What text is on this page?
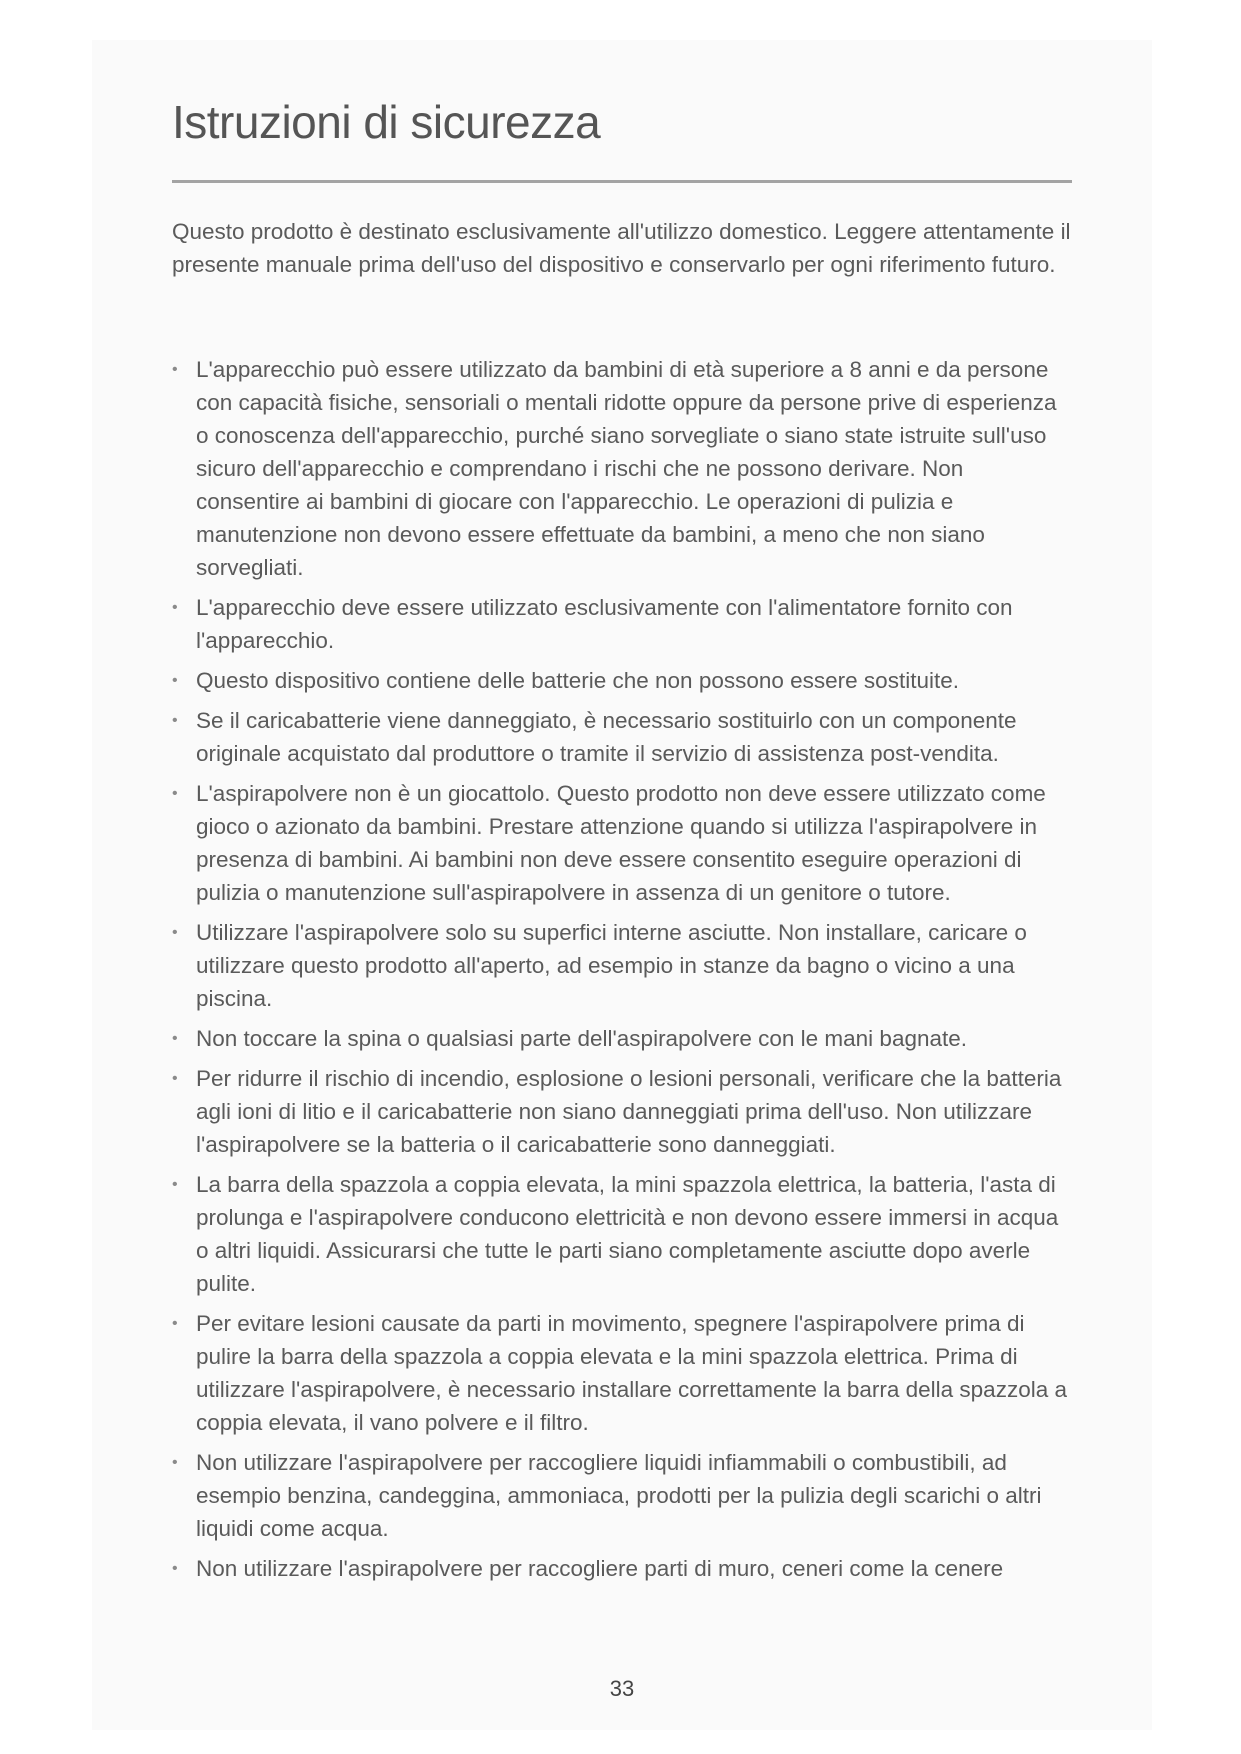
Istruzioni di sicurezza

Questo prodotto è destinato esclusivamente all'utilizzo domestico. Leggere attentamente il presente manuale prima dell'uso del dispositivo e conservarlo per ogni riferimento futuro.

• L'apparecchio può essere utilizzato da bambini di età superiore a 8 anni e da persone con capacità fisiche, sensoriali o mentali ridotte oppure da persone prive di esperienza o conoscenza dell'apparecchio, purché siano sorvegliate o siano state istruite sull'uso sicuro dell'apparecchio e comprendano i rischi che ne possono derivare. Non consentire ai bambini di giocare con l'apparecchio. Le operazioni di pulizia e manutenzione non devono essere effettuate da bambini, a meno che non siano sorvegliati.
• L'apparecchio deve essere utilizzato esclusivamente con l'alimentatore fornito con l'apparecchio.
• Questo dispositivo contiene delle batterie che non possono essere sostituite.
• Se il caricabatterie viene danneggiato, è necessario sostituirlo con un componente originale acquistato dal produttore o tramite il servizio di assistenza post-vendita.
• L'aspirapolvere non è un giocattolo. Questo prodotto non deve essere utilizzato come gioco o azionato da bambini. Prestare attenzione quando si utilizza l'aspirapolvere in presenza di bambini. Ai bambini non deve essere consentito eseguire operazioni di pulizia o manutenzione sull'aspirapolvere in assenza di un genitore o tutore.
• Utilizzare l'aspirapolvere solo su superfici interne asciutte. Non installare, caricare o utilizzare questo prodotto all'aperto, ad esempio in stanze da bagno o vicino a una piscina.
• Non toccare la spina o qualsiasi parte dell'aspirapolvere con le mani bagnate.
• Per ridurre il rischio di incendio, esplosione o lesioni personali, verificare che la batteria agli ioni di litio e il caricabatterie non siano danneggiati prima dell'uso. Non utilizzare l'aspirapolvere se la batteria o il caricabatterie sono danneggiati.
• La barra della spazzola a coppia elevata, la mini spazzola elettrica, la batteria, l'asta di prolunga e l'aspirapolvere conducono elettricità e non devono essere immersi in acqua o altri liquidi. Assicurarsi che tutte le parti siano completamente asciutte dopo averle pulite.
• Per evitare lesioni causate da parti in movimento, spegnere l'aspirapolvere prima di pulire la barra della spazzola a coppia elevata e la mini spazzola elettrica. Prima di utilizzare l'aspirapolvere, è necessario installare correttamente la barra della spazzola a coppia elevata, il vano polvere e il filtro.
• Non utilizzare l'aspirapolvere per raccogliere liquidi infiammabili o combustibili, ad esempio benzina, candeggina, ammoniaca, prodotti per la pulizia degli scarichi o altri liquidi come acqua.
• Non utilizzare l'aspirapolvere per raccogliere parti di muro, ceneri come la cenere
33
